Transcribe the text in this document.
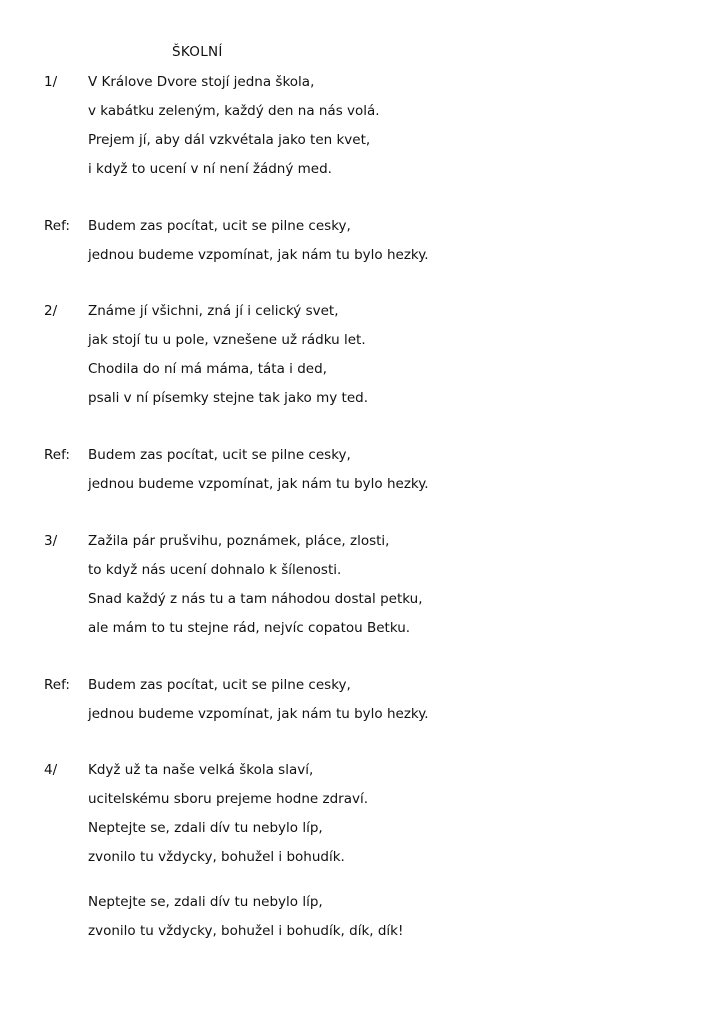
ŠKOLNÍ
1/ V Králove Dvore stojí jedna škola,
v kabátku zeleným, každý den na nás volá.
Prejem jí, aby dál vzkvétala jako ten kvet,
i když to ucení v ní není žádný med.
Ref: Budem zas pocítat, ucit se pilne cesky,
jednou budeme vzpomínat, jak nám tu bylo hezky.
2/ Známe jí všichni, zná jí i celický svet,
jak stojí tu u pole, vznešene už rádku let.
Chodila do ní má máma, táta i ded,
psali v ní písemky stejne tak jako my ted.
Ref: Budem zas pocítat, ucit se pilne cesky,
jednou budeme vzpomínat, jak nám tu bylo hezky.
3/ Zažila pár prušvihu, poznámek, pláce, zlosti,
to když nás ucení dohnalo k šílenosti.
Snad každý z nás tu a tam náhodou dostal petku,
ale mám to tu stejne rád, nejvíc copatou Betku.
Ref: Budem zas pocítat, ucit se pilne cesky,
jednou budeme vzpomínat, jak nám tu bylo hezky.
4/ Když už ta naše velká škola slaví,
ucitelskému sboru prejeme hodne zdraví.
Neptejte se, zdali dív tu nebylo líp,
zvonilo tu vždycky, bohužel i bohudík.
Neptejte se, zdali dív tu nebylo líp,
zvonilo tu vždycky, bohužel i bohudík, dík, dík!
